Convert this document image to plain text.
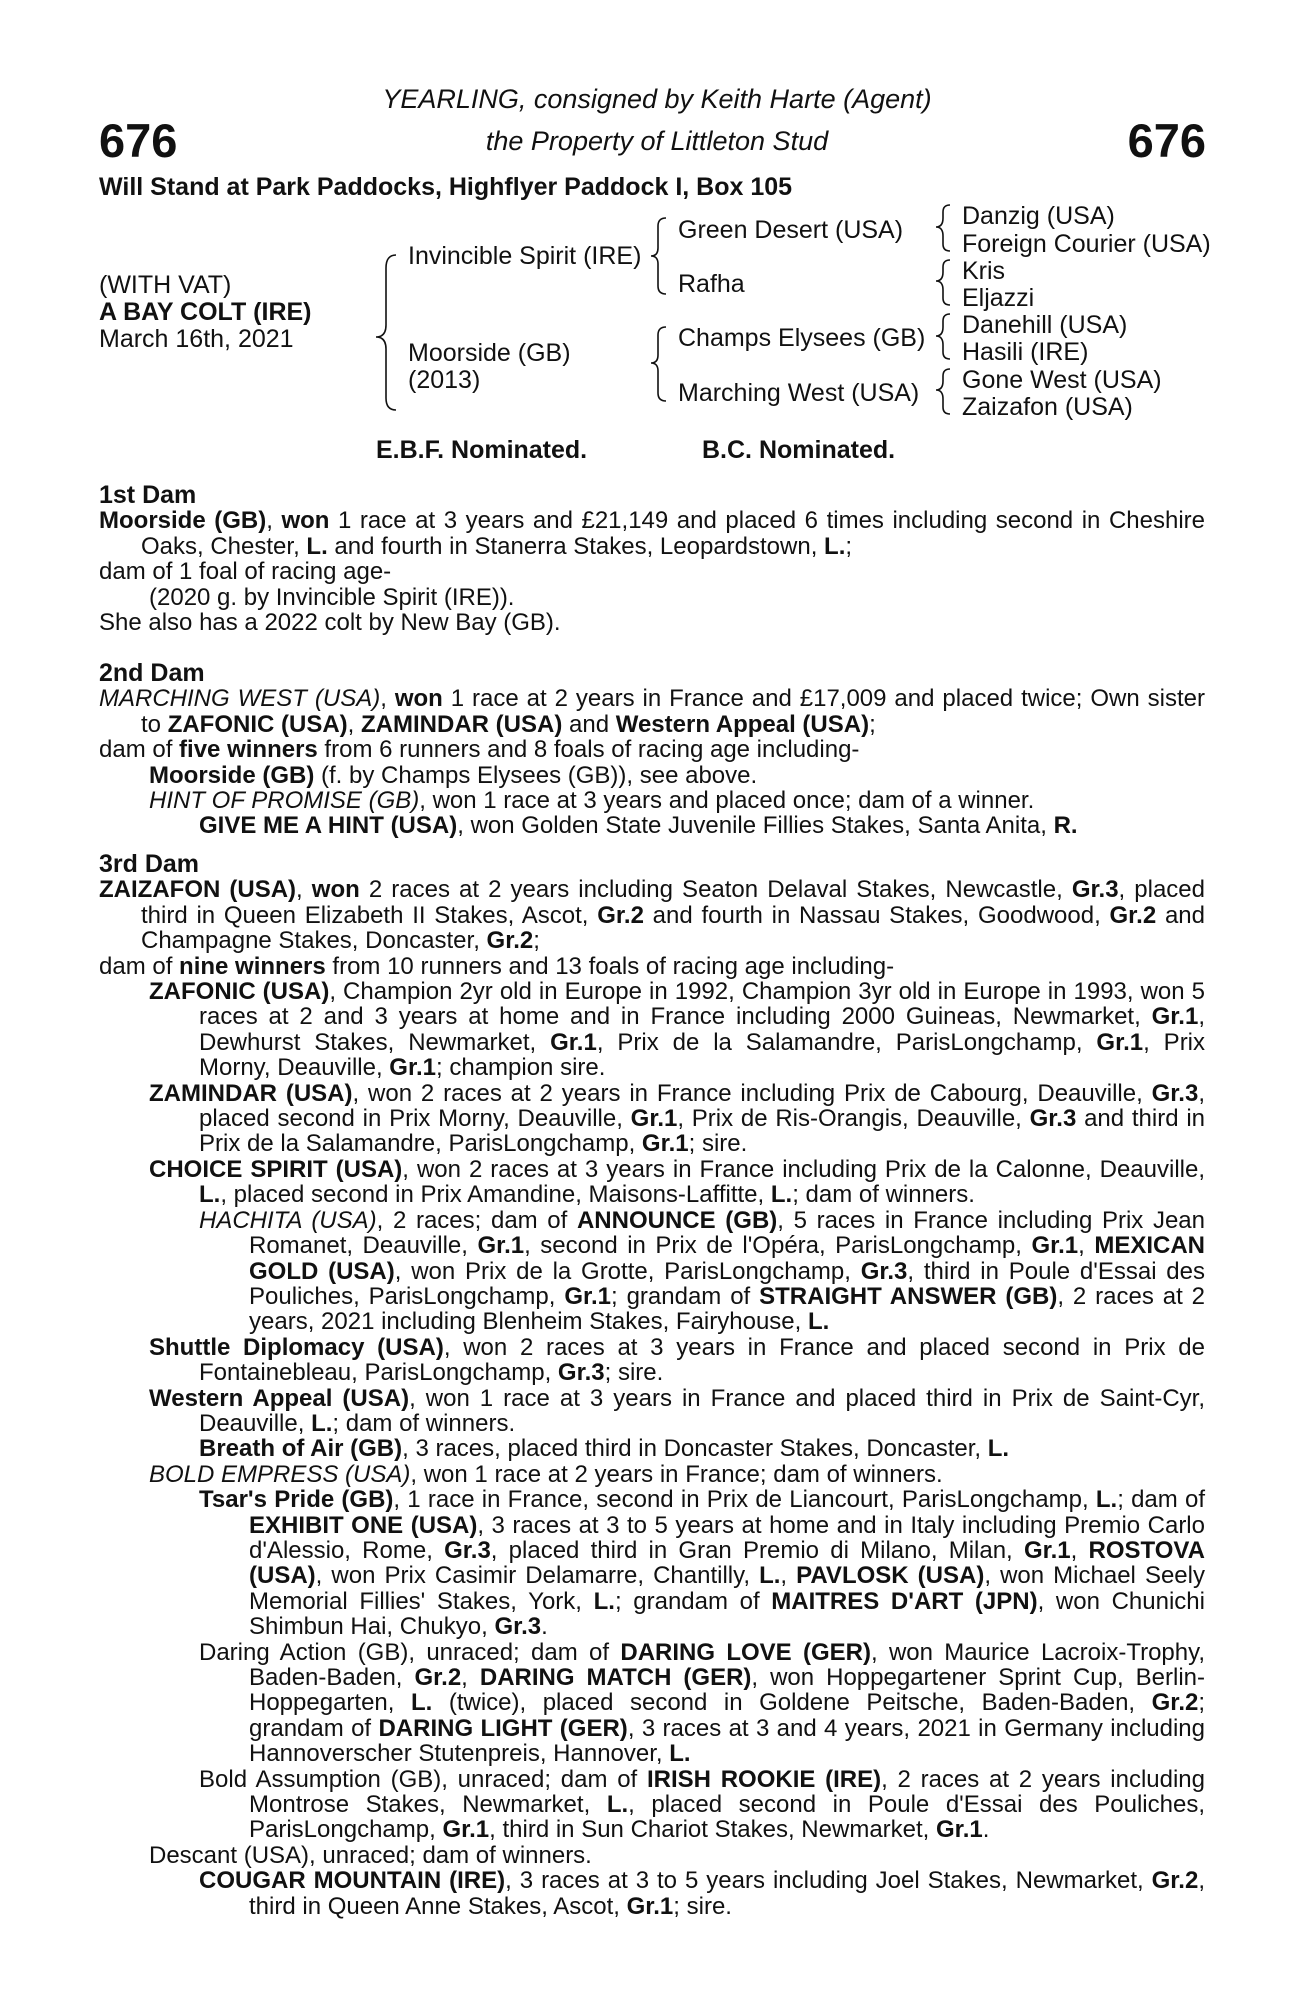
676	676
YEARLING, consigned by Keith Harte (Agent)
the Property of Littleton Stud
Will Stand at Park Paddocks, Highflyer Paddock I, Box 105
(WITH VAT)
A BAY COLT (IRE)
March 16th, 2021
Invincible Spirit (IRE)
Moorside (GB)
(2013)
Green Desert (USA)
Rafha
Champs Elysees (GB)
Marching West (USA)
Danzig (USA)
Foreign Courier (USA)
Kris
Eljazzi
Danehill (USA)
Hasili (IRE)
Gone West (USA)
Zaizafon (USA)
E.B.F. Nominated.	B.C. Nominated.
1st Dam

Moorside (GB), won 1 race at 3 years and £21,149 and placed 6 times including second in Cheshire Oaks, Chester, L. and fourth in Stanerra Stakes, Leopardstown, L.;

dam of 1 foal of racing age-

(2020 g. by Invincible Spirit (IRE)).

She also has a 2022 colt by New Bay (GB).

2nd Dam

MARCHING WEST (USA), won 1 race at 2 years in France and £17,009 and placed twice; Own sister to ZAFONIC (USA), ZAMINDAR (USA) and Western Appeal (USA);

dam of five winners from 6 runners and 8 foals of racing age including-

Moorside (GB) (f. by Champs Elysees (GB)), see above.

HINT OF PROMISE (GB), won 1 race at 3 years and placed once; dam of a winner.

GIVE ME A HINT (USA), won Golden State Juvenile Fillies Stakes, Santa Anita, R.

3rd Dam

ZAIZAFON (USA), won 2 races at 2 years including Seaton Delaval Stakes, Newcastle, Gr.3, placed third in Queen Elizabeth II Stakes, Ascot, Gr.2 and fourth in Nassau Stakes, Goodwood, Gr.2 and Champagne Stakes, Doncaster, Gr.2;

dam of nine winners from 10 runners and 13 foals of racing age including-

ZAFONIC (USA), Champion 2yr old in Europe in 1992, Champion 3yr old in Europe in 1993, won 5 races at 2 and 3 years at home and in France including 2000 Guineas, Newmarket, Gr.1, Dewhurst Stakes, Newmarket, Gr.1, Prix de la Salamandre, ParisLongchamp, Gr.1, Prix Morny, Deauville, Gr.1; champion sire.

ZAMINDAR (USA), won 2 races at 2 years in France including Prix de Cabourg, Deauville, Gr.3, placed second in Prix Morny, Deauville, Gr.1, Prix de Ris-Orangis, Deauville, Gr.3 and third in Prix de la Salamandre, ParisLongchamp, Gr.1; sire.

CHOICE SPIRIT (USA), won 2 races at 3 years in France including Prix de la Calonne, Deauville, L., placed second in Prix Amandine, Maisons-Laffitte, L.; dam of winners.

HACHITA (USA), 2 races; dam of ANNOUNCE (GB), 5 races in France including Prix Jean Romanet, Deauville, Gr.1, second in Prix de l'Opéra, ParisLongchamp, Gr.1, MEXICAN GOLD (USA), won Prix de la Grotte, ParisLongchamp, Gr.3, third in Poule d'Essai des Pouliches, ParisLongchamp, Gr.1; grandam of STRAIGHT ANSWER (GB), 2 races at 2 years, 2021 including Blenheim Stakes, Fairyhouse, L.

Shuttle Diplomacy (USA), won 2 races at 3 years in France and placed second in Prix de Fontainebleau, ParisLongchamp, Gr.3; sire.

Western Appeal (USA), won 1 race at 3 years in France and placed third in Prix de Saint-Cyr, Deauville, L.; dam of winners.

Breath of Air (GB), 3 races, placed third in Doncaster Stakes, Doncaster, L.

BOLD EMPRESS (USA), won 1 race at 2 years in France; dam of winners.

Tsar's Pride (GB), 1 race in France, second in Prix de Liancourt, ParisLongchamp, L.; dam of EXHIBIT ONE (USA), 3 races at 3 to 5 years at home and in Italy including Premio Carlo d'Alessio, Rome, Gr.3, placed third in Gran Premio di Milano, Milan, Gr.1, ROSTOVA (USA), won Prix Casimir Delamarre, Chantilly, L., PAVLOSK (USA), won Michael Seely Memorial Fillies' Stakes, York, L.; grandam of MAITRES D'ART (JPN), won Chunichi Shimbun Hai, Chukyo, Gr.3.

Daring Action (GB), unraced; dam of DARING LOVE (GER), won Maurice Lacroix-Trophy, Baden-Baden, Gr.2, DARING MATCH (GER), won Hoppegartener Sprint Cup, Berlin-Hoppegarten, L. (twice), placed second in Goldene Peitsche, Baden-Baden, Gr.2; grandam of DARING LIGHT (GER), 3 races at 3 and 4 years, 2021 in Germany including Hannoverscher Stutenpreis, Hannover, L.

Bold Assumption (GB), unraced; dam of IRISH ROOKIE (IRE), 2 races at 2 years including Montrose Stakes, Newmarket, L., placed second in Poule d'Essai des Pouliches, ParisLongchamp, Gr.1, third in Sun Chariot Stakes, Newmarket, Gr.1.

Descant (USA), unraced; dam of winners.

COUGAR MOUNTAIN (IRE), 3 races at 3 to 5 years including Joel Stakes, Newmarket, Gr.2, third in Queen Anne Stakes, Ascot, Gr.1; sire.
